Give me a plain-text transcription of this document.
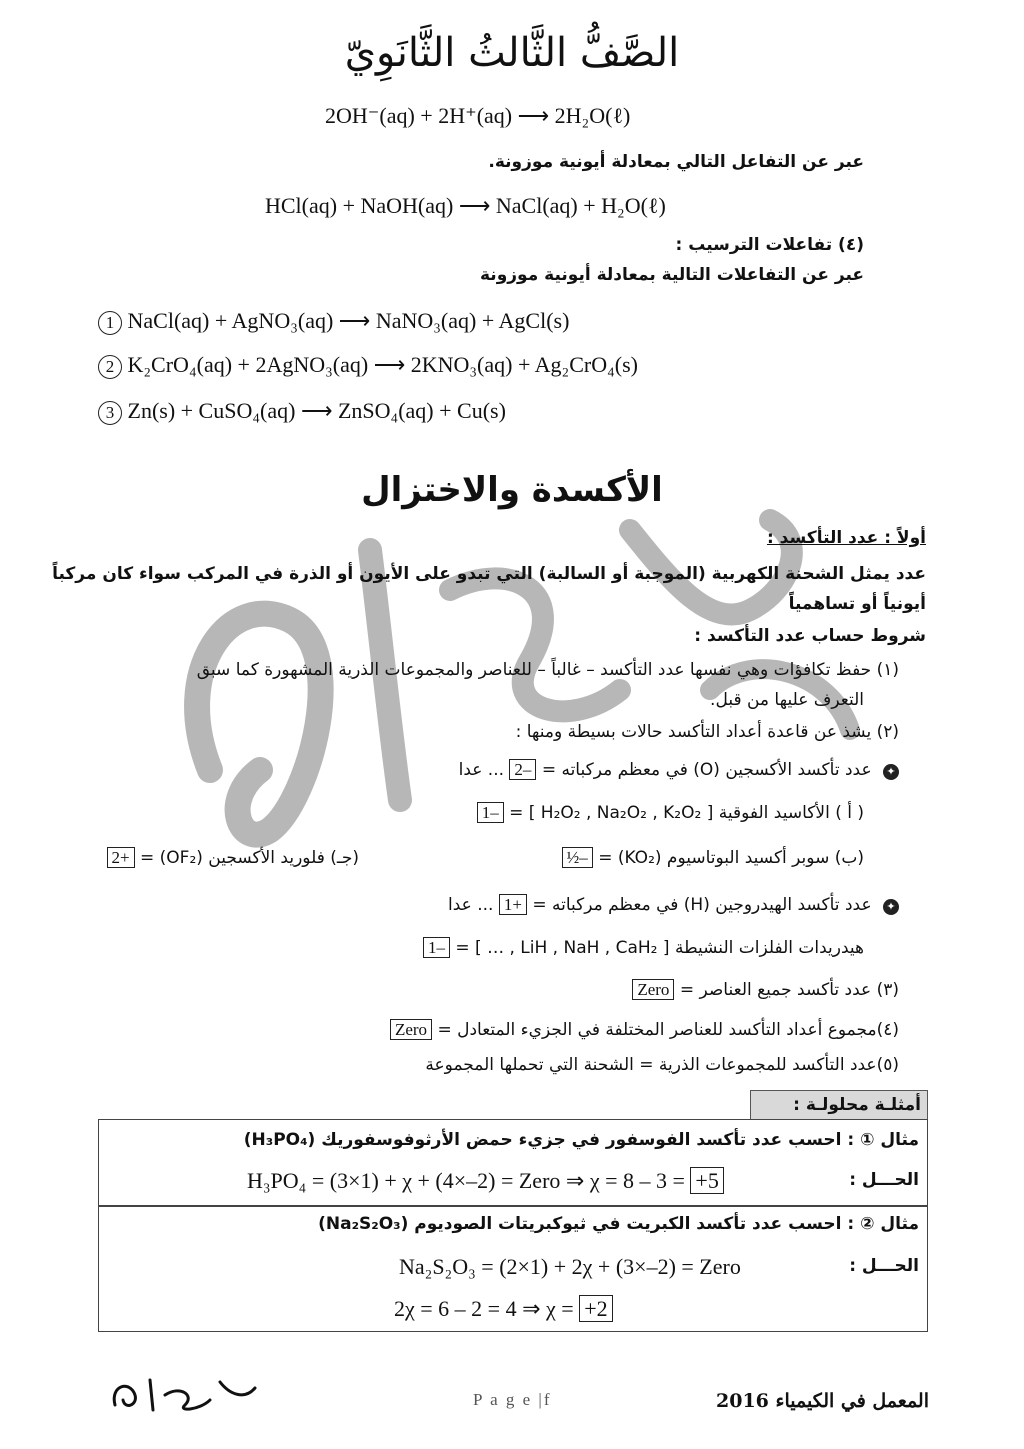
الصَّفُّ الثَّالثُ الثَّانَوِيّ
2OH⁻(aq) + 2H⁺(aq) ⟶ 2H₂O(ℓ)
عبر عن التفاعل التالي بمعادلة أيونية موزونة.
HCl(aq) + NaOH(aq) ⟶ NaCl(aq) + H₂O(ℓ)
(٤) تفاعلات الترسيب :
عبر عن التفاعلات التالية بمعادلة أيونية موزونة
1 NaCl(aq) + AgNO₃(aq) ⟶ NaNO₃(aq) + AgCl(s)
2 K₂CrO₄(aq) + 2AgNO₃(aq) ⟶ 2KNO₃(aq) + Ag₂CrO₄(s)
3 Zn(s) + CuSO₄(aq) ⟶ ZnSO₄(aq) + Cu(s)
الأكسدة والاختزال
أولاً : عدد التأكسد :
عدد يمثل الشحنة الكهربية (الموجبة أو السالبة) التي تبدو على الأيون أو الذرة في المركب سواء كان مركباً
أيونياً أو تساهمياً
شروط حساب عدد التأكسد :
(١) حفظ تكافؤات وهي نفسها عدد التأكسد – غالباً – للعناصر والمجموعات الذرية المشهورة كما سبق
التعرف عليها من قبل.
(٢) يشذ عن قاعدة أعداد التأكسد حالات بسيطة ومنها :
✦ عدد تأكسد الأكسجين (O) في معظم مركباته = –2 ... عدا
( أ ) الأكاسيد الفوقية [ H₂O₂ , Na₂O₂ , K₂O₂ ] = –1
(ب) سوبر أكسيد البوتاسيوم (KO₂) = –½
(جـ) فلوريد الأكسجين (OF₂) = +2
✦ عدد تأكسد الهيدروجين (H) في معظم مركباته = +1 ... عدا
هيدريدات الفلزات النشيطة [ LiH , NaH , CaH₂ , … ] = –1
(٣) عدد تأكسد جميع العناصر = Zero
(٤)مجموع أعداد التأكسد للعناصر المختلفة في الجزيء المتعادل = Zero
(٥)عدد التأكسد للمجموعات الذرية = الشحنة التي تحملها المجموعة
أمثلـة محلولـة :
مثال ① : احسب عدد تأكسد الفوسفور في جزيء حمض الأرثوفوسفوريك (H₃PO₄)
الحـــل :
H₃PO₄ = (3×1) + χ + (4×–2) = Zero ⇒ χ = 8 – 3 = +5
مثال ② : احسب عدد تأكسد الكبريت في ثيوكبريتات الصوديوم (Na₂S₂O₃)
الحـــل :
Na₂S₂O₃ = (2×1) + 2χ + (3×–2) = Zero
2χ = 6 – 2 = 4 ⇒ χ = +2
P a g e |f	المعمل في الكيمياء 2016
